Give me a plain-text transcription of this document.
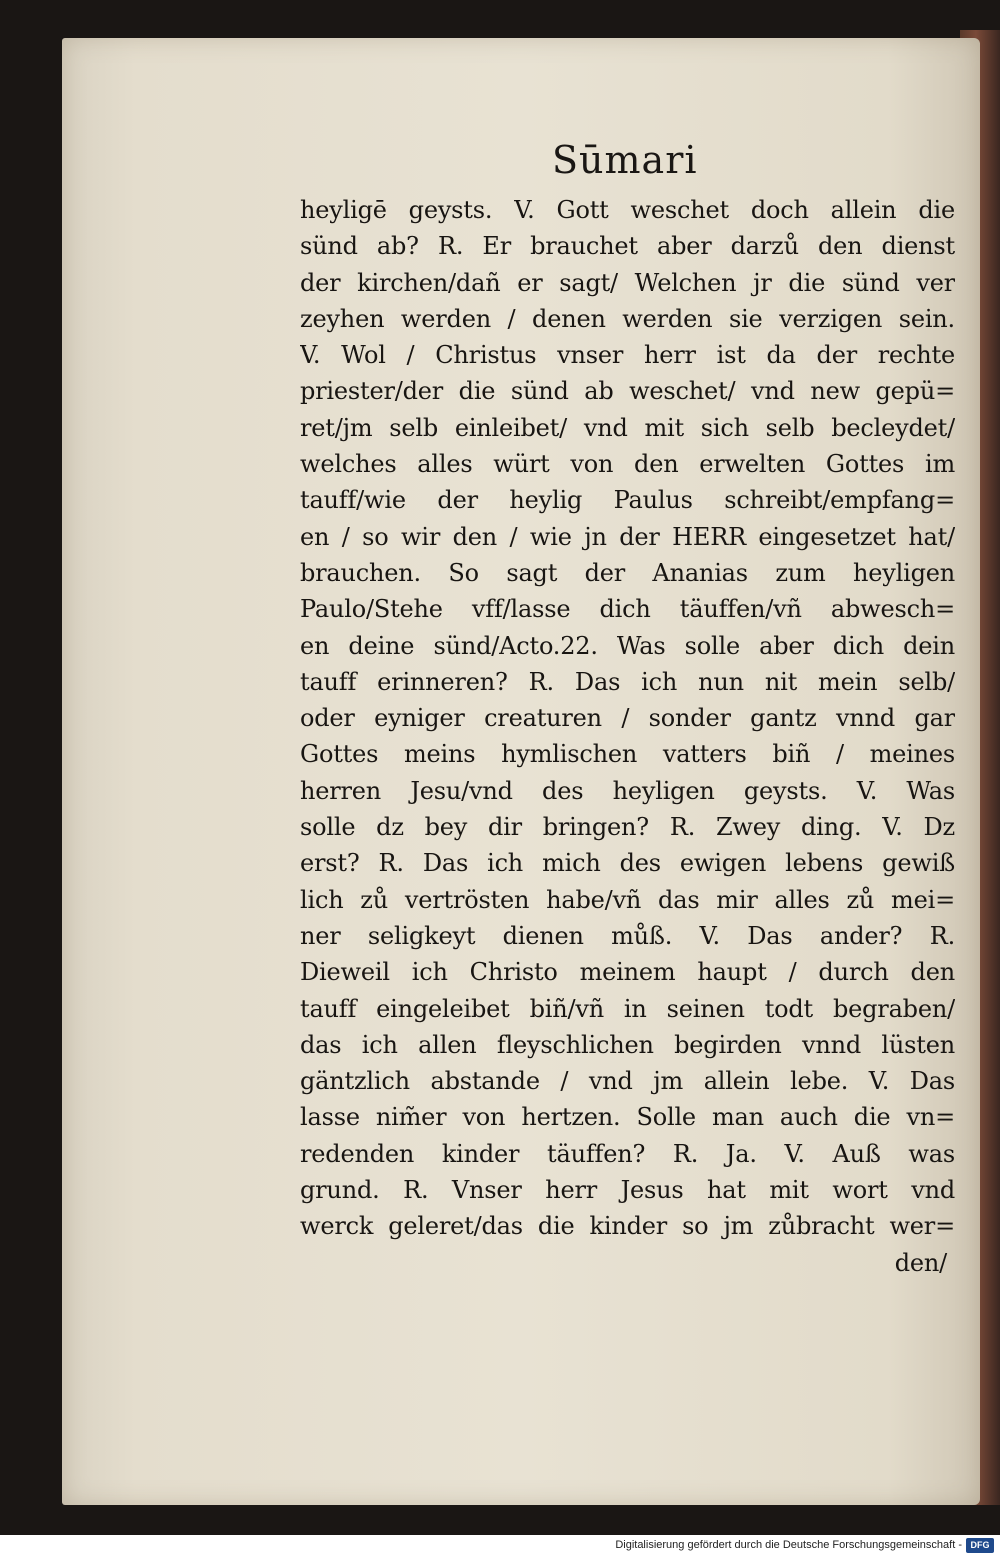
Sūmari
heyligē geysts. V. Gott weschet doch allein die
sünd ab? R. Er brauchet aber darzů den dienst
der kirchen/dañ er sagt/ Welchen jr die sünd ver
zeyhen werden / denen werden sie verzigen sein.
V. Wol / Christus vnser herr ist da der rechte
priester/der die sünd ab weschet/ vnd new gepü=
ret/jm selb einleibet/ vnd mit sich selb becleydet/
welches alles würt von den erwelten Gottes im
tauff/wie der heylig Paulus schreibt/empfang=
en / so wir den / wie jn der HERR eingesetzet hat/
brauchen. So sagt der Ananias zum heyligen
Paulo/Stehe vff/lasse dich täuffen/vñ abwesch=
en deine sünd/Acto.22. Was solle aber dich dein
tauff erinneren? R. Das ich nun nit mein selb/
oder eyniger creaturen / sonder gantz vnnd gar
Gottes meins hymlischen vatters biñ / meines
herren Jesu/vnd des heyligen geysts. V. Was
solle dz bey dir bringen? R. Zwey ding. V. Dz
erst? R. Das ich mich des ewigen lebens gewiß
lich zů vertrösten habe/vñ das mir alles zů mei=
ner seligkeyt dienen můß. V. Das ander? R.
Dieweil ich Christo meinem haupt / durch den
tauff eingeleibet biñ/vñ in seinen todt begraben/
das ich allen fleyschlichen begirden vnnd lüsten
gäntzlich abstande / vnd jm allein lebe. V. Das
lasse nim̃er von hertzen. Solle man auch die vn=
redenden kinder täuffen? R. Ja. V. Auß was
grund. R. Vnser herr Jesus hat mit wort vnd
werck geleret/das die kinder so jm zůbracht wer=
den/
Digitalisierung gefördert durch die Deutsche Forschungsgemeinschaft - DFG
